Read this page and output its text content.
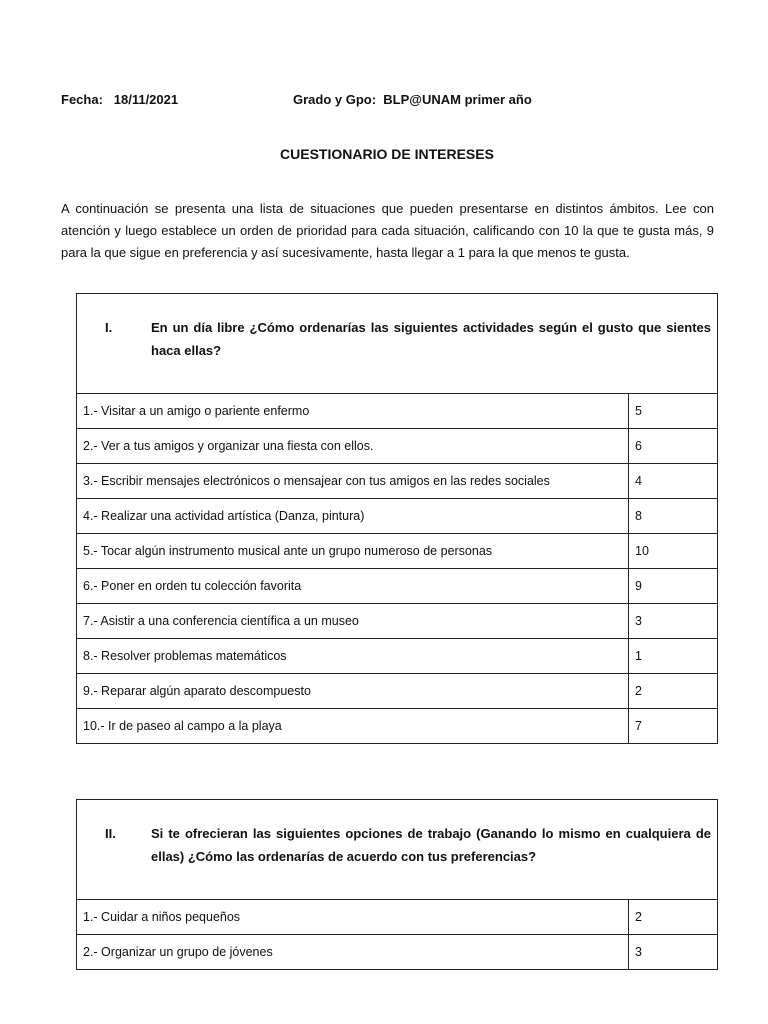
Fecha: 18/11/2021	Grado y Gpo: BLP@UNAM primer año
CUESTIONARIO DE INTERESES
A continuación se presenta una lista de situaciones que pueden presentarse en distintos ámbitos. Lee con atención y luego establece un orden de prioridad para cada situación, calificando con 10 la que te gusta más, 9 para la que sigue en preferencia y así sucesivamente, hasta llegar a 1 para la que menos te gusta.
I. En un día libre ¿Cómo ordenarías las siguientes actividades según el gusto que sientes haca ellas?	

1.- Visitar a un amigo o pariente enfermo	5
2.- Ver a tus amigos y organizar una fiesta con ellos.	6
3.- Escribir mensajes electrónicos o mensajear con tus amigos en las redes sociales	4
4.- Realizar una actividad artística (Danza, pintura)	8
5.- Tocar algún instrumento musical ante un grupo numeroso de personas	10
6.- Poner en orden tu colección favorita	9
7.- Asistir a una conferencia científica a un museo	3
8.- Resolver problemas matemáticos	1
9.- Reparar algún aparato descompuesto	2
10.- Ir de paseo al campo a la playa	7
II. Si te ofrecieran las siguientes opciones de trabajo (Ganando lo mismo en cualquiera de ellas) ¿Cómo las ordenarías de acuerdo con tus preferencias?	

1.- Cuidar a niños pequeños	2
2.- Organizar un grupo de jóvenes	3
